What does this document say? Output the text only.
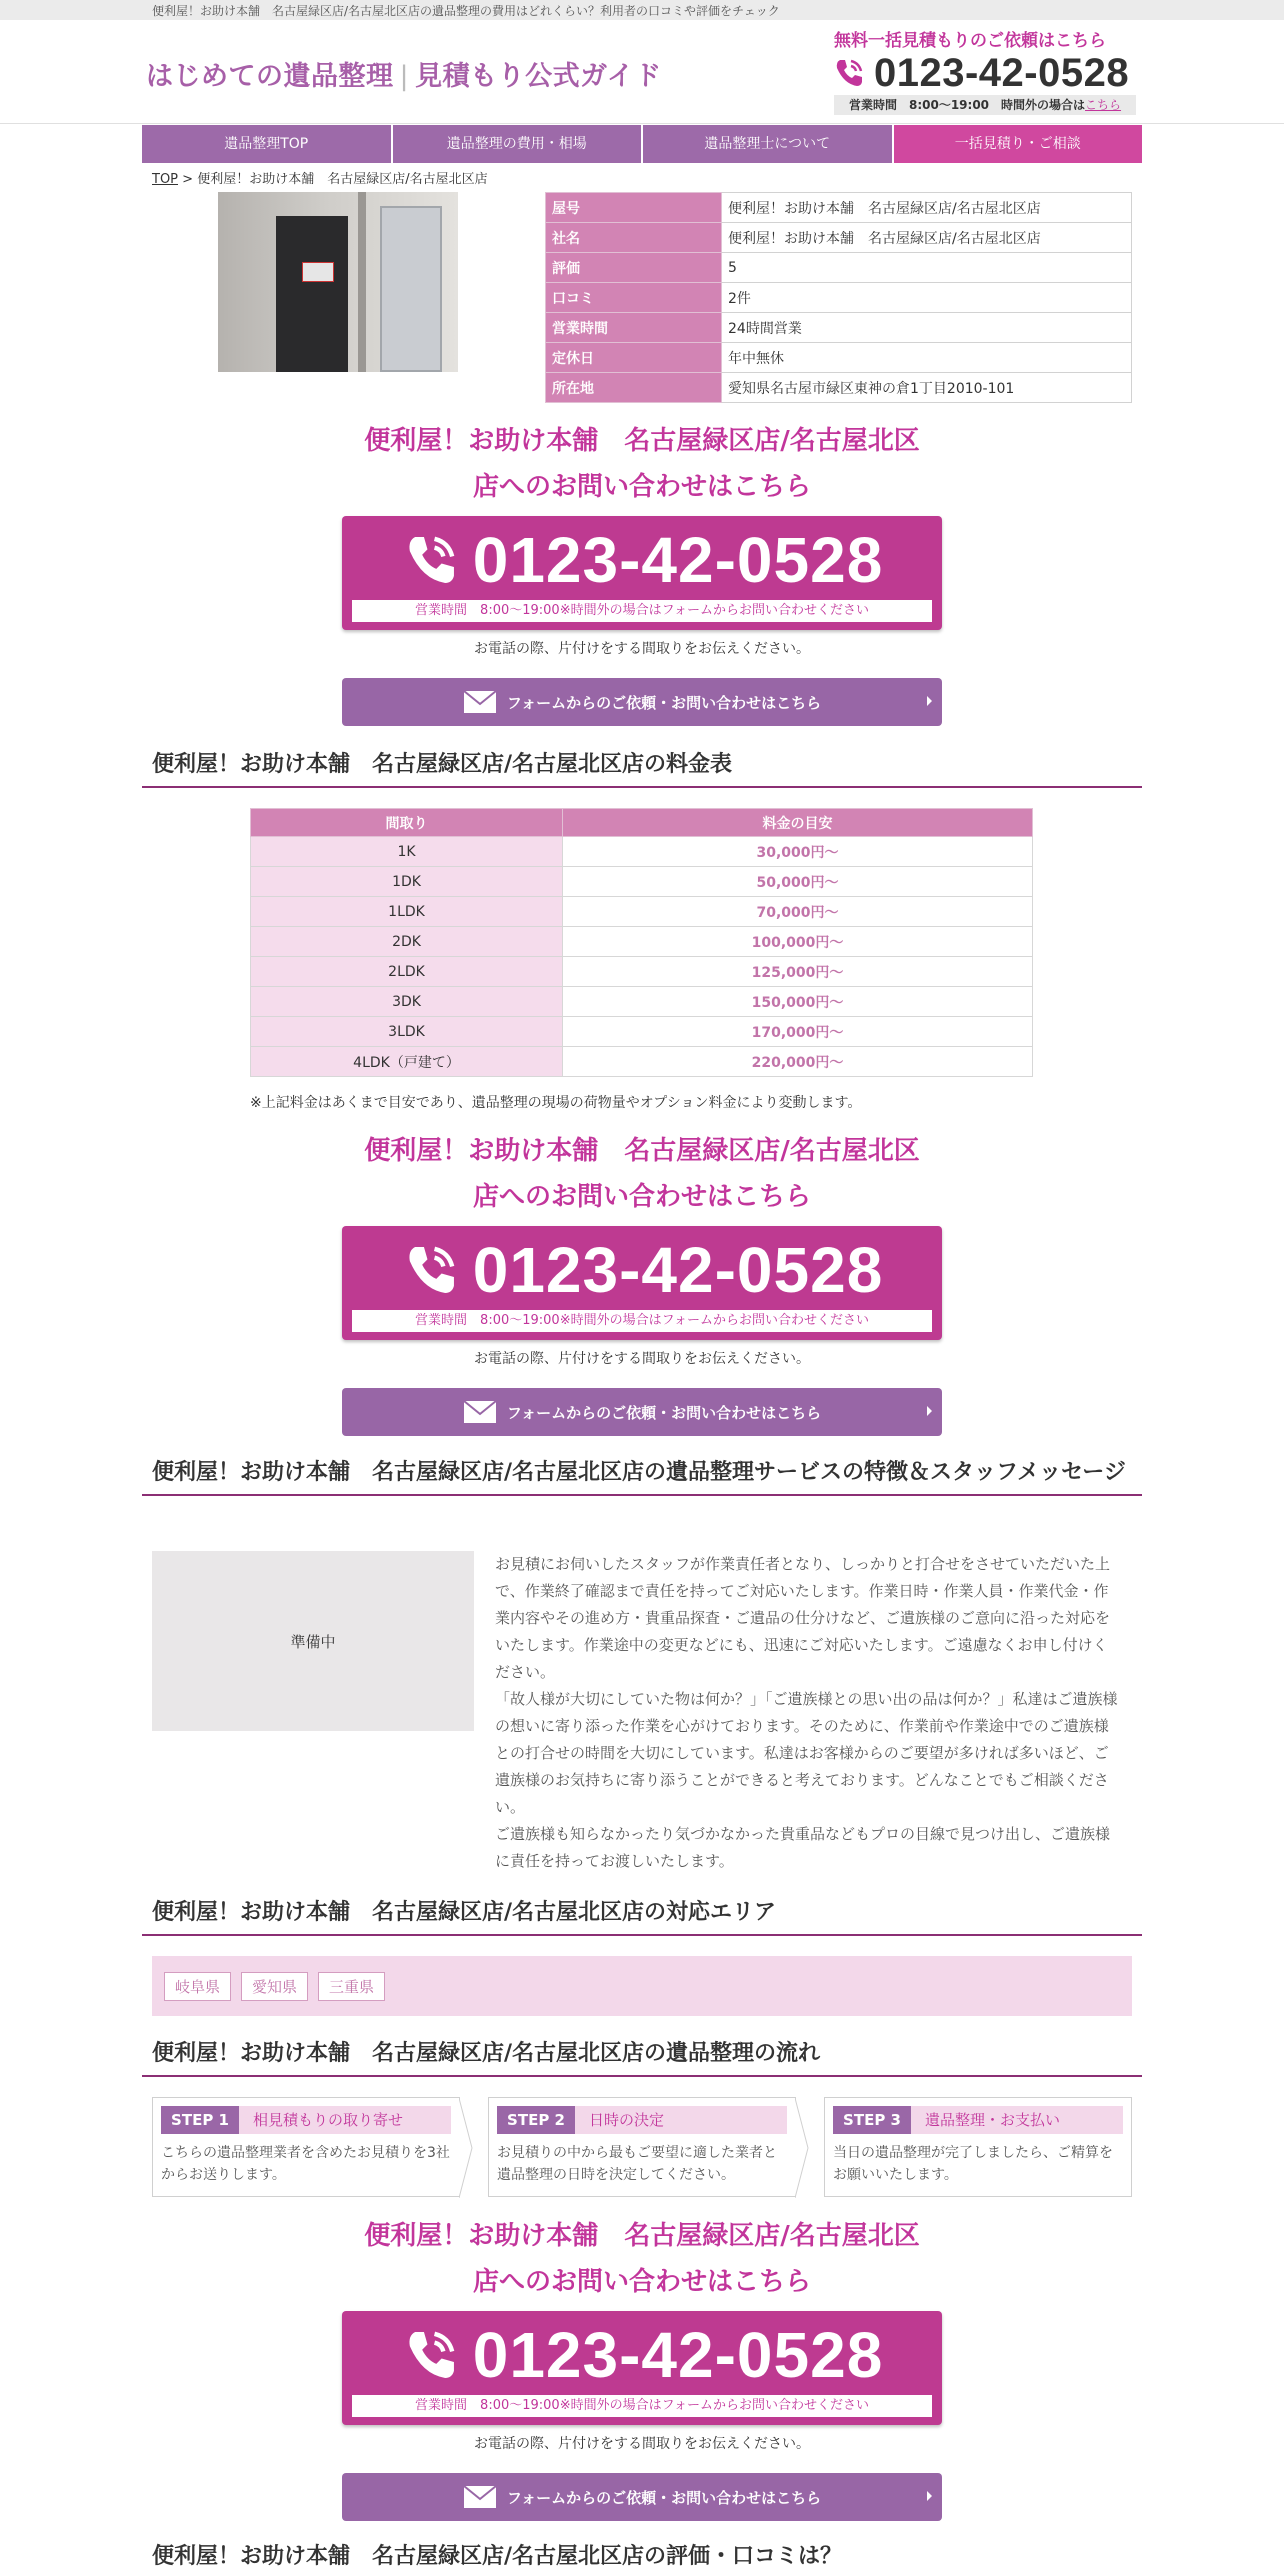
便利屋！お助け本舗　名古屋緑区店/名古屋北区店の遺品整理の費用はどれくらい？利用者の口コミや評価をチェック
はじめての遺品整理 | 見積もり公式ガイド
無料一括見積もりのご依頼はこちら
0123-42-0528
営業時間　8:00～19:00　時間外の場合はこちら
遺品整理TOP	遺品整理の費用・相場	遺品整理士について	一括見積り・ご相談
TOP > 便利屋！お助け本舗　名古屋緑区店/名古屋北区店
屋号	便利屋！お助け本舗　名古屋緑区店/名古屋北区店
社名	便利屋！お助け本舗　名古屋緑区店/名古屋北区店
評価	5
口コミ	2件
営業時間	24時間営業
定休日	年中無休
所在地	愛知県名古屋市緑区東神の倉1丁目2010-101
便利屋！お助け本舗　名古屋緑区店/名古屋北区
店へのお問い合わせはこちら
0123-42-0528
営業時間　8:00～19:00※時間外の場合はフォームからお問い合わせください
お電話の際、片付けをする間取りをお伝えください。
フォームからのご依頼・お問い合わせはこちら
便利屋！お助け本舗　名古屋緑区店/名古屋北区店の料金表
間取り	料金の目安
1K	30,000円～
1DK	50,000円～
1LDK	70,000円～
2DK	100,000円～
2LDK	125,000円～
3DK	150,000円～
3LDK	170,000円～
4LDK（戸建て）	220,000円～
※上記料金はあくまで目安であり、遺品整理の現場の荷物量やオプション料金により変動します。
便利屋！お助け本舗　名古屋緑区店/名古屋北区
店へのお問い合わせはこちら
0123-42-0528
営業時間　8:00～19:00※時間外の場合はフォームからお問い合わせください
お電話の際、片付けをする間取りをお伝えください。
フォームからのご依頼・お問い合わせはこちら
便利屋！お助け本舗　名古屋緑区店/名古屋北区店の遺品整理サービスの特徴＆スタッフメッセージ
準備中

お見積にお伺いしたスタッフが作業責任者となり、しっかりと打合せをさせていただいた上で、作業終了確認まで責任を持ってご対応いたします。作業日時・作業人員・作業代金・作業内容やその進め方・貴重品探査・ご遺品の仕分けなど、ご遺族様のご意向に沿った対応をいたします。作業途中の変更などにも、迅速にご対応いたします。ご遠慮なくお申し付けください。

「故人様が大切にしていた物は何か？」「ご遺族様との思い出の品は何か？」私達はご遺族様の想いに寄り添った作業を心がけております。そのために、作業前や作業途中でのご遺族様との打合せの時間を大切にしています。私達はお客様からのご要望が多ければ多いほど、ご遺族様のお気持ちに寄り添うことができると考えております。どんなことでもご相談ください。

ご遺族様も知らなかったり気づかなかった貴重品などもプロの目線で見つけ出し、ご遺族様に責任を持ってお渡しいたします。

便利屋！お助け本舗　名古屋緑区店/名古屋北区店の対応エリア
岐阜県	愛知県	三重県
便利屋！お助け本舗　名古屋緑区店/名古屋北区店の遺品整理の流れ
STEP 1	相見積もりの取り寄せ
こちらの遺品整理業者を含めたお見積りを3社からお送りします。
STEP 2	日時の決定
お見積りの中から最もご要望に適した業者と遺品整理の日時を決定してください。
STEP 3	遺品整理・お支払い
当日の遺品整理が完了しましたら、ご精算をお願いいたします。
便利屋！お助け本舗　名古屋緑区店/名古屋北区
店へのお問い合わせはこちら
0123-42-0528
営業時間　8:00～19:00※時間外の場合はフォームからお問い合わせください
お電話の際、片付けをする間取りをお伝えください。
フォームからのご依頼・お問い合わせはこちら
便利屋！お助け本舗　名古屋緑区店/名古屋北区店の評価・口コミは？
